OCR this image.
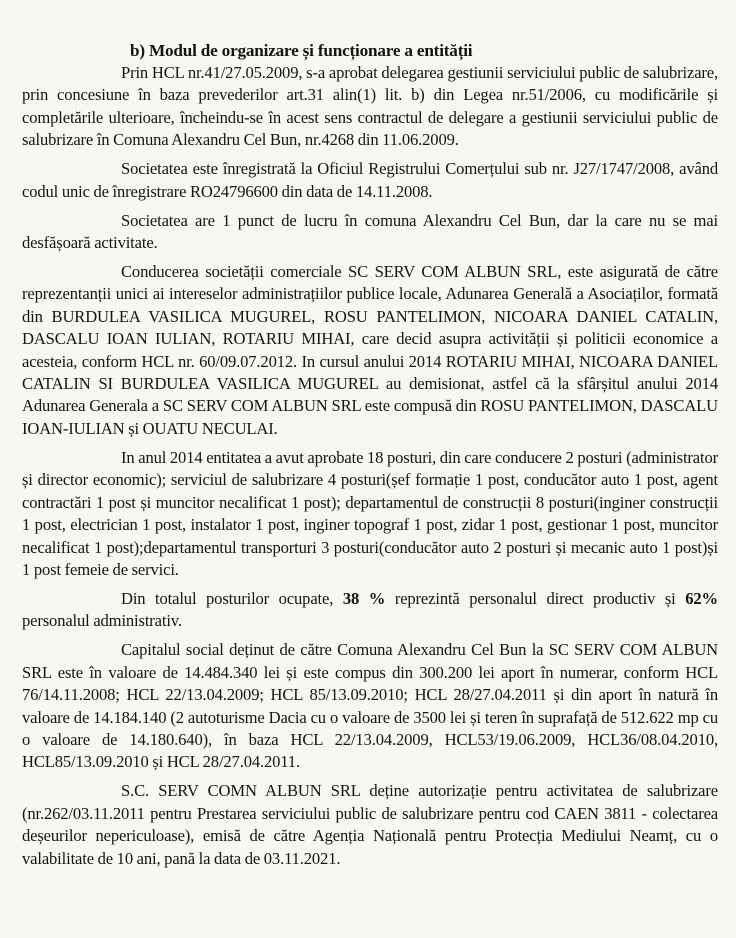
b) Modul de organizare și funcționare a entității

Prin HCL nr.41/27.05.2009, s-a aprobat delegarea gestiunii serviciului public de salubrizare, prin concesiune în baza prevederilor art.31 alin(1) lit. b) din Legea nr.51/2006, cu modificările și completările ulterioare, încheindu-se în acest sens contractul de delegare a gestiunii serviciului public de salubrizare în Comuna Alexandru Cel Bun, nr.4268 din 11.06.2009.

Societatea este înregistrată la Oficiul Registrului Comerțului sub nr. J27/1747/2008, având codul unic de înregistrare RO24796600 din data de 14.11.2008.

Societatea are 1 punct de lucru în comuna Alexandru Cel Bun, dar la care nu se mai desfășoară activitate.

Conducerea societății comerciale SC SERV COM ALBUN SRL, este asigurată de către reprezentanții unici ai intereselor administrațiilor publice locale, Adunarea Generală a Asociaților, formată din BURDULEA VASILICA MUGUREL, ROSU PANTELIMON, NICOARA DANIEL CATALIN, DASCALU IOAN IULIAN, ROTARIU MIHAI, care decid asupra activității și politicii economice a acesteia, conform HCL nr. 60/09.07.2012. In cursul anului 2014 ROTARIU MIHAI, NICOARA DANIEL CATALIN SI BURDULEA VASILICA MUGUREL au demisionat, astfel că la sfârșitul anului 2014 Adunarea Generala a SC SERV COM ALBUN SRL este compusă din ROSU PANTELIMON, DASCALU IOAN-IULIAN și OUATU NECULAI.

In anul 2014 entitatea a avut aprobate 18 posturi, din care conducere 2 posturi (administrator și director economic); serviciul de salubrizare 4 posturi(șef formație 1 post, conducător auto 1 post, agent contractări 1 post și muncitor necalificat 1 post); departamentul de construcții 8 posturi(inginer construcții 1 post, electrician 1 post, instalator 1 post, inginer topograf 1 post, zidar 1 post, gestionar 1 post, muncitor necalificat 1 post);departamentul transporturi 3 posturi(conducător auto 2 posturi și mecanic auto 1 post)și 1 post femeie de servici.

Din totalul posturilor ocupate, 38 % reprezintă personalul direct productiv și 62% personalul administrativ.

Capitalul social deținut de către Comuna Alexandru Cel Bun la SC SERV COM ALBUN SRL este în valoare de 14.484.340 lei și este compus din 300.200 lei aport în numerar, conform HCL 76/14.11.2008; HCL 22/13.04.2009; HCL 85/13.09.2010; HCL 28/27.04.2011 și din aport în natură în valoare de 14.184.140 (2 autoturisme Dacia cu o valoare de 3500 lei și teren în suprafață de 512.622 mp cu o valoare de 14.180.640), în baza HCL 22/13.04.2009, HCL53/19.06.2009, HCL36/08.04.2010, HCL85/13.09.2010 și HCL 28/27.04.2011.

S.C. SERV COMN ALBUN SRL deține autorizație pentru activitatea de salubrizare (nr.262/03.11.2011 pentru Prestarea serviciului public de salubrizare pentru cod CAEN 3811 - colectarea deșeurilor nepericuloase), emisă de către Agenția Națională pentru Protecția Mediului Neamț, cu o valabilitate de 10 ani, pană la data de 03.11.2021.
